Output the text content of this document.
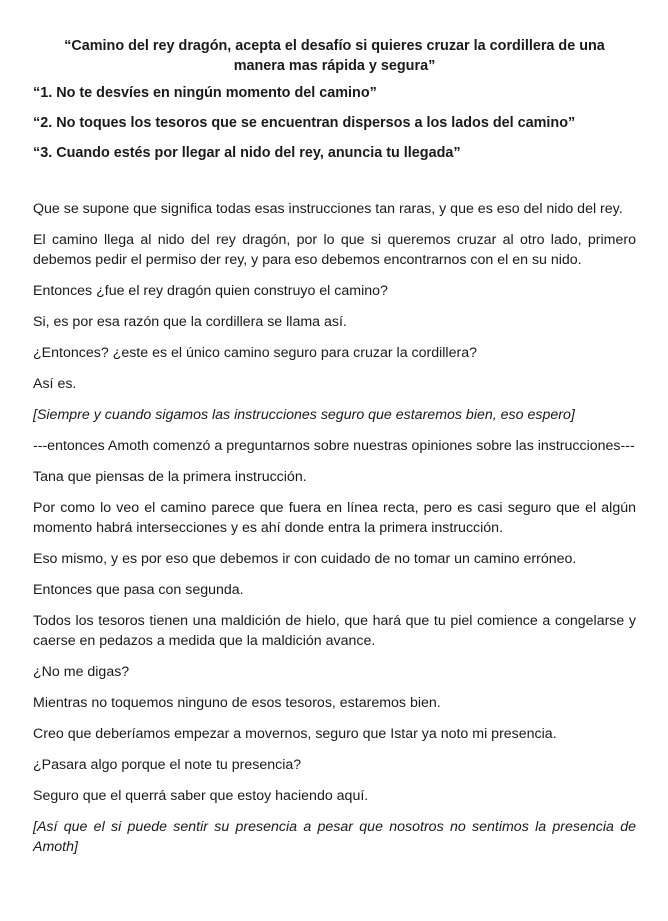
“Camino del rey dragón, acepta el desafío si quieres cruzar la cordillera de una manera mas rápida y segura”
“1. No te desvíes en ningún momento del camino”
“2. No toques los tesoros que se encuentran dispersos a los lados del camino”
“3. Cuando estés por llegar al nido del rey, anuncia tu llegada”

Que se supone que significa todas esas instrucciones tan raras, y que es eso del nido del rey.

El camino llega al nido del rey dragón, por lo que si queremos cruzar al otro lado, primero debemos pedir el permiso der rey, y para eso debemos encontrarnos con el en su nido.

Entonces ¿fue el rey dragón quien construyo el camino?

Si, es por esa razón que la cordillera se llama así.

¿Entonces? ¿este es el único camino seguro para cruzar la cordillera?

Así es.

[Siempre y cuando sigamos las instrucciones seguro que estaremos bien, eso espero]

---entonces Amoth comenzó a preguntarnos sobre nuestras opiniones sobre las instrucciones---

Tana que piensas de la primera instrucción.

Por como lo veo el camino parece que fuera en línea recta, pero es casi seguro que el algún momento habrá intersecciones y es ahí donde entra la primera instrucción.

Eso mismo, y es por eso que debemos ir con cuidado de no tomar un camino erróneo.

Entonces que pasa con segunda.

Todos los tesoros tienen una maldición de hielo, que hará que tu piel comience a congelarse y caerse en pedazos a medida que la maldición avance.

¿No me digas?

Mientras no toquemos ninguno de esos tesoros, estaremos bien.

Creo que deberíamos empezar a movernos, seguro que Istar ya noto mi presencia.

¿Pasara algo porque el note tu presencia?

Seguro que el querrá saber que estoy haciendo aquí.

[Así que el si puede sentir su presencia a pesar que nosotros no sentimos la presencia de Amoth]
